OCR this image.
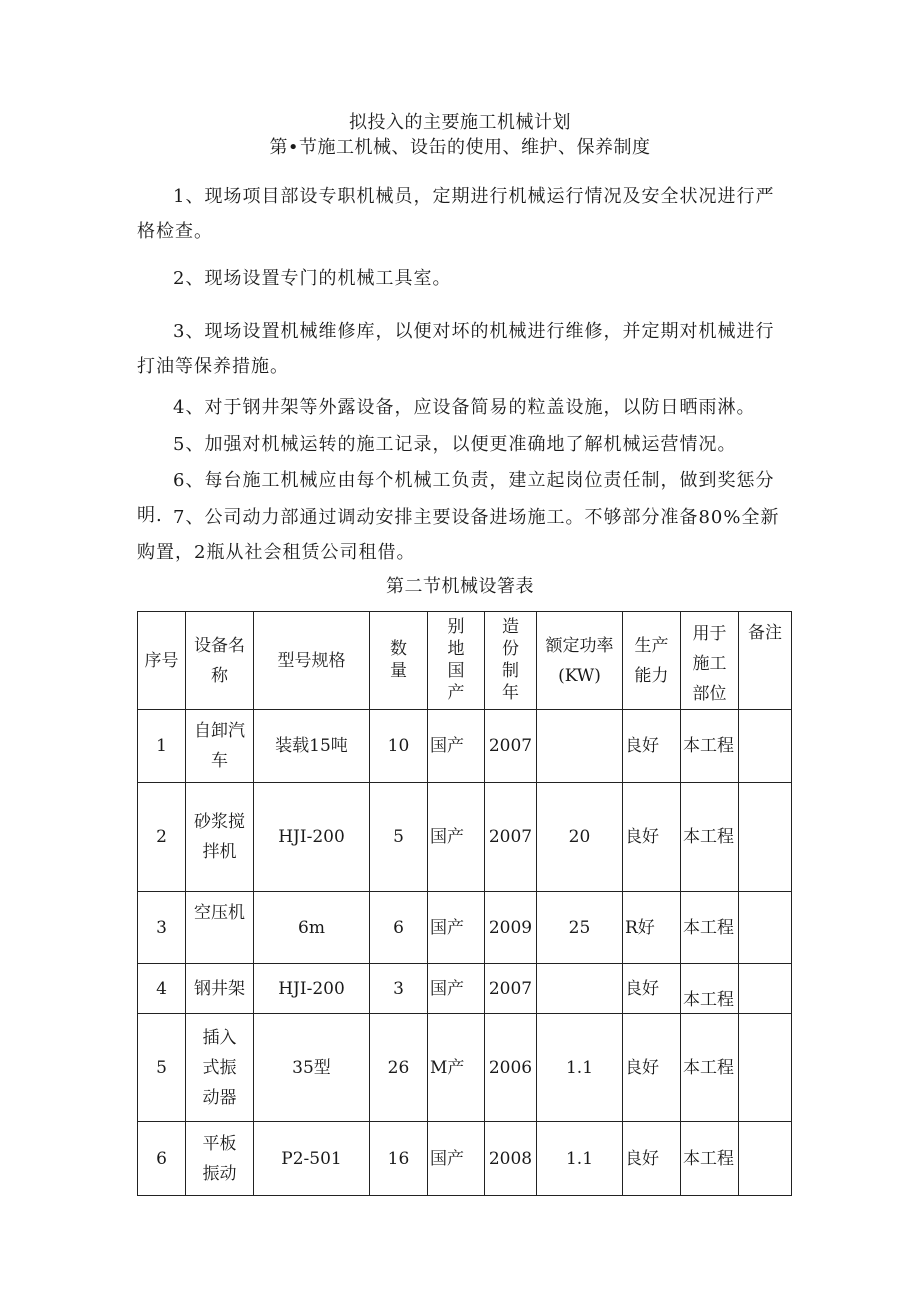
拟投入的主要施工机械计划
第•节施工机械、设缶的使用、维护、保养制度

1、现场项目部设专职机械员，定期进行机械运行情况及安全状况进行严格检查。

2、现场设置专门的机械工具室。

3、现场设置机械维修库，以便对坏的机械进行维修，并定期对机械进行打油等保养措施。

4、对于钢井架等外露设备，应设备简易的粒盖设施，以防日晒雨淋。

5、加强对机械运转的施工记录，以便更准确地了解机械运营情况。

6、每台施工机械应由每个机械工负责，建立起岗位责任制，做到奖惩分明. 7、公司动力部通过调动安排主要设备进场施工。不够部分准备80%全新购置，2瓶从社会租赁公司租借。

第二节机械设箸表
序号	设备名称	型号规格	数量	别地国产	造份制年	额定功率(KW)	生产能力	用于施工部位	备注
1	自卸汽车	装载15吨	10	国产	2007		良好	本工程	
2	砂浆搅拌机	HJI-200	5	国产	2007	20	良好	本工程	
3	空压机	6m	6	国产	2009	25	R好	本工程	
4	钢井架	HJI-200	3	国产	2007		良好	本工程	
5	插入式振动器	35型	26	M产	2006	1.1	良好	本工程	
6	平板振动	P2-501	16	国产	2008	1.1	良好	本工程	
